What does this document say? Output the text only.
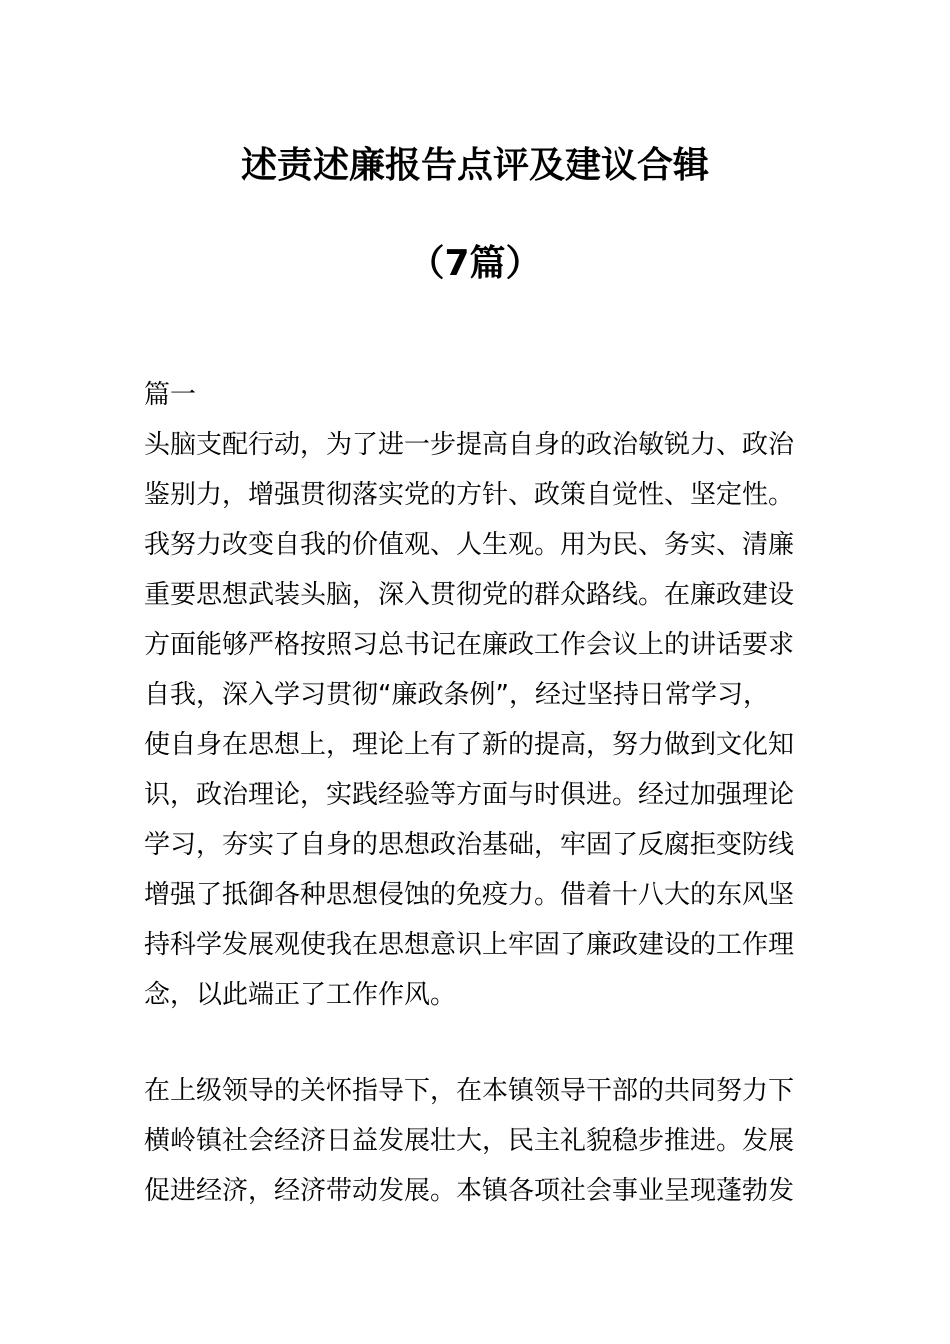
述责述廉报告点评及建议合辑
（7篇）

篇一

头脑支配行动，为了进一步提高自身的政治敏锐力、政治
鉴别力，增强贯彻落实党的方针、政策自觉性、坚定性。
我努力改变自我的价值观、人生观。用为民、务实、清廉
重要思想武装头脑，深入贯彻党的群众路线。在廉政建设
方面能够严格按照习总书记在廉政工作会议上的讲话要求
自我，深入学习贯彻“廉政条例”，经过坚持日常学习，
使自身在思想上，理论上有了新的提高，努力做到文化知
识，政治理论，实践经验等方面与时俱进。经过加强理论
学习，夯实了自身的思想政治基础，牢固了反腐拒变防线
增强了抵御各种思想侵蚀的免疫力。借着十八大的东风坚
持科学发展观使我在思想意识上牢固了廉政建设的工作理
念，以此端正了工作作风。

在上级领导的关怀指导下，在本镇领导干部的共同努力下
横岭镇社会经济日益发展壮大，民主礼貌稳步推进。发展
促进经济，经济带动发展。本镇各项社会事业呈现蓬勃发
